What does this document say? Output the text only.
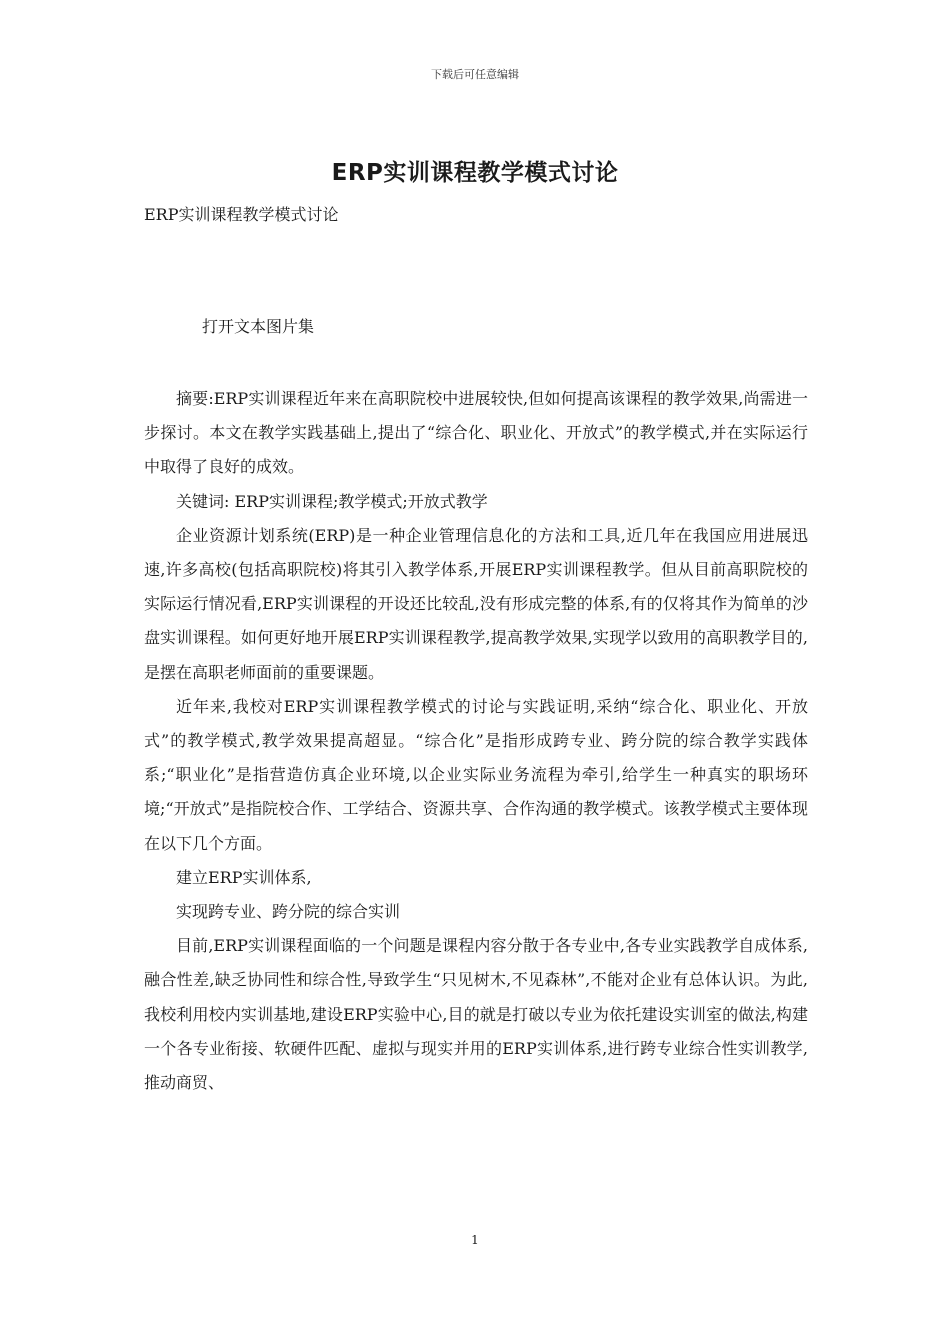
下载后可任意编辑
ERP实训课程教学模式讨论

ERP实训课程教学模式讨论

打开文本图片集

摘要:ERP实训课程近年来在高职院校中进展较快,但如何提高该课程的教学效果,尚需进一步探讨。本文在教学实践基础上,提出了“综合化、职业化、开放式”的教学模式,并在实际运行中取得了良好的成效。

关键词: ERP实训课程;教学模式;开放式教学

企业资源计划系统(ERP)是一种企业管理信息化的方法和工具,近几年在我国应用进展迅速,许多高校(包括高职院校)将其引入教学体系,开展ERP实训课程教学。但从目前高职院校的实际运行情况看,ERP实训课程的开设还比较乱,没有形成完整的体系,有的仅将其作为简单的沙盘实训课程。如何更好地开展ERP实训课程教学,提高教学效果,实现学以致用的高职教学目的,是摆在高职老师面前的重要课题。

近年来,我校对ERP实训课程教学模式的讨论与实践证明,采纳“综合化、职业化、开放式”的教学模式,教学效果提高超显。“综合化”是指形成跨专业、跨分院的综合教学实践体系;“职业化”是指营造仿真企业环境,以企业实际业务流程为牵引,给学生一种真实的职场环境;“开放式”是指院校合作、工学结合、资源共享、合作沟通的教学模式。该教学模式主要体现在以下几个方面。

建立ERP实训体系,

实现跨专业、跨分院的综合实训

目前,ERP实训课程面临的一个问题是课程内容分散于各专业中,各专业实践教学自成体系,融合性差,缺乏协同性和综合性,导致学生“只见树木,不见森林”,不能对企业有总体认识。为此,我校利用校内实训基地,建设ERP实验中心,目的就是打破以专业为依托建设实训室的做法,构建一个各专业衔接、软硬件匹配、虚拟与现实并用的ERP实训体系,进行跨专业综合性实训教学,推动商贸、

1
